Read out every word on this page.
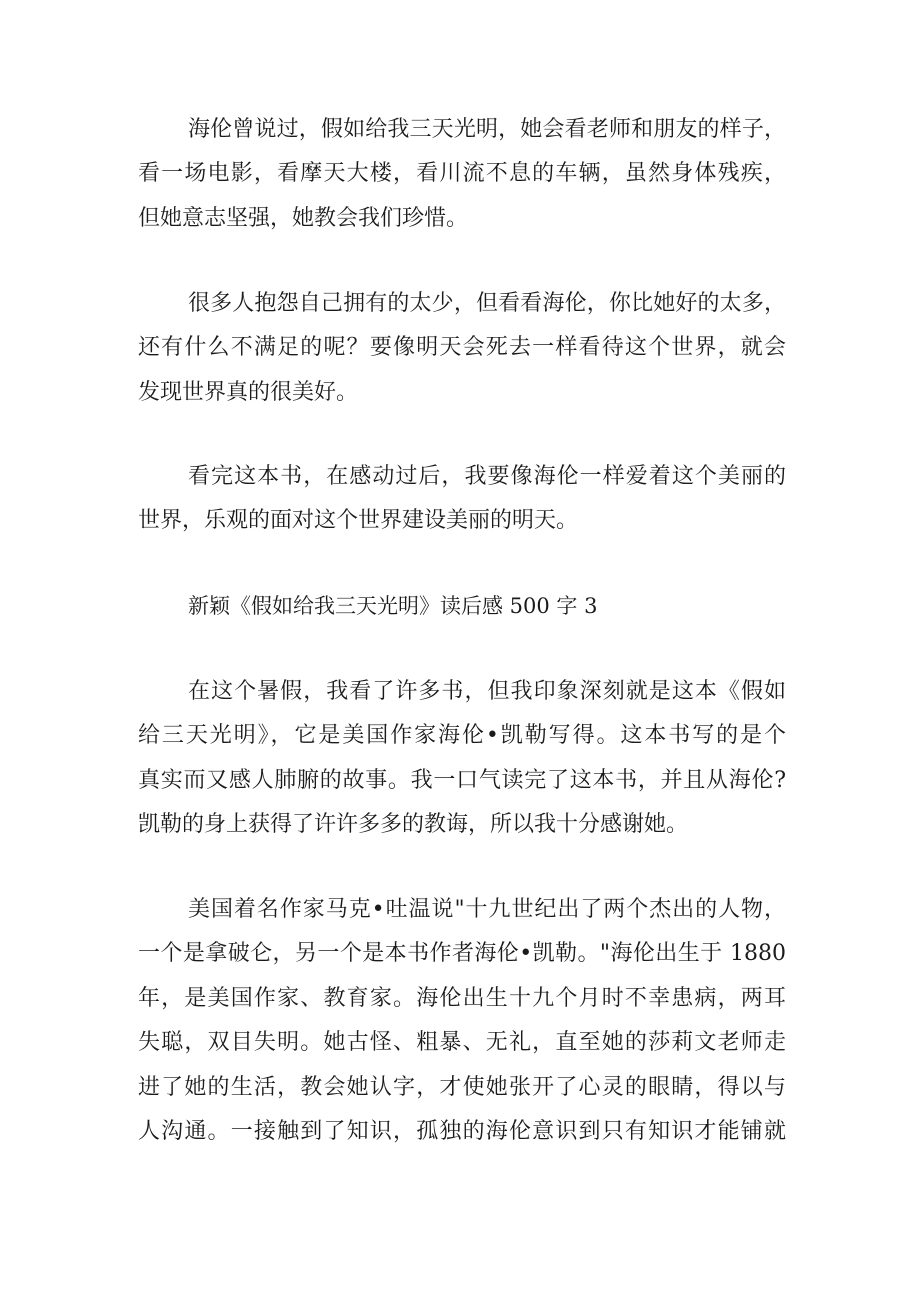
海伦曾说过，假如给我三天光明，她会看老师和朋友的样子，
看一场电影，看摩天大楼，看川流不息的车辆，虽然身体残疾，
但她意志坚强，她教会我们珍惜。
很多人抱怨自己拥有的太少，但看看海伦，你比她好的太多，
还有什么不满足的呢？要像明天会死去一样看待这个世界，就会
发现世界真的很美好。
看完这本书，在感动过后，我要像海伦一样爱着这个美丽的
世界，乐观的面对这个世界建设美丽的明天。
新颖《假如给我三天光明》读后感 500 字 3
在这个暑假，我看了许多书，但我印象深刻就是这本《假如
给三天光明》，它是美国作家海伦•凯勒写得。这本书写的是个
真实而又感人肺腑的故事。我一口气读完了这本书，并且从海伦?
凯勒的身上获得了许许多多的教诲，所以我十分感谢她。
美国着名作家马克•吐温说"十九世纪出了两个杰出的人物，
一个是拿破仑，另一个是本书作者海伦•凯勒。"海伦出生于 1880
年，是美国作家、教育家。海伦出生十九个月时不幸患病，两耳
失聪，双目失明。她古怪、粗暴、无礼，直至她的莎莉文老师走
进了她的生活，教会她认字，才使她张开了心灵的眼睛，得以与
人沟通。一接触到了知识，孤独的海伦意识到只有知识才能铺就
